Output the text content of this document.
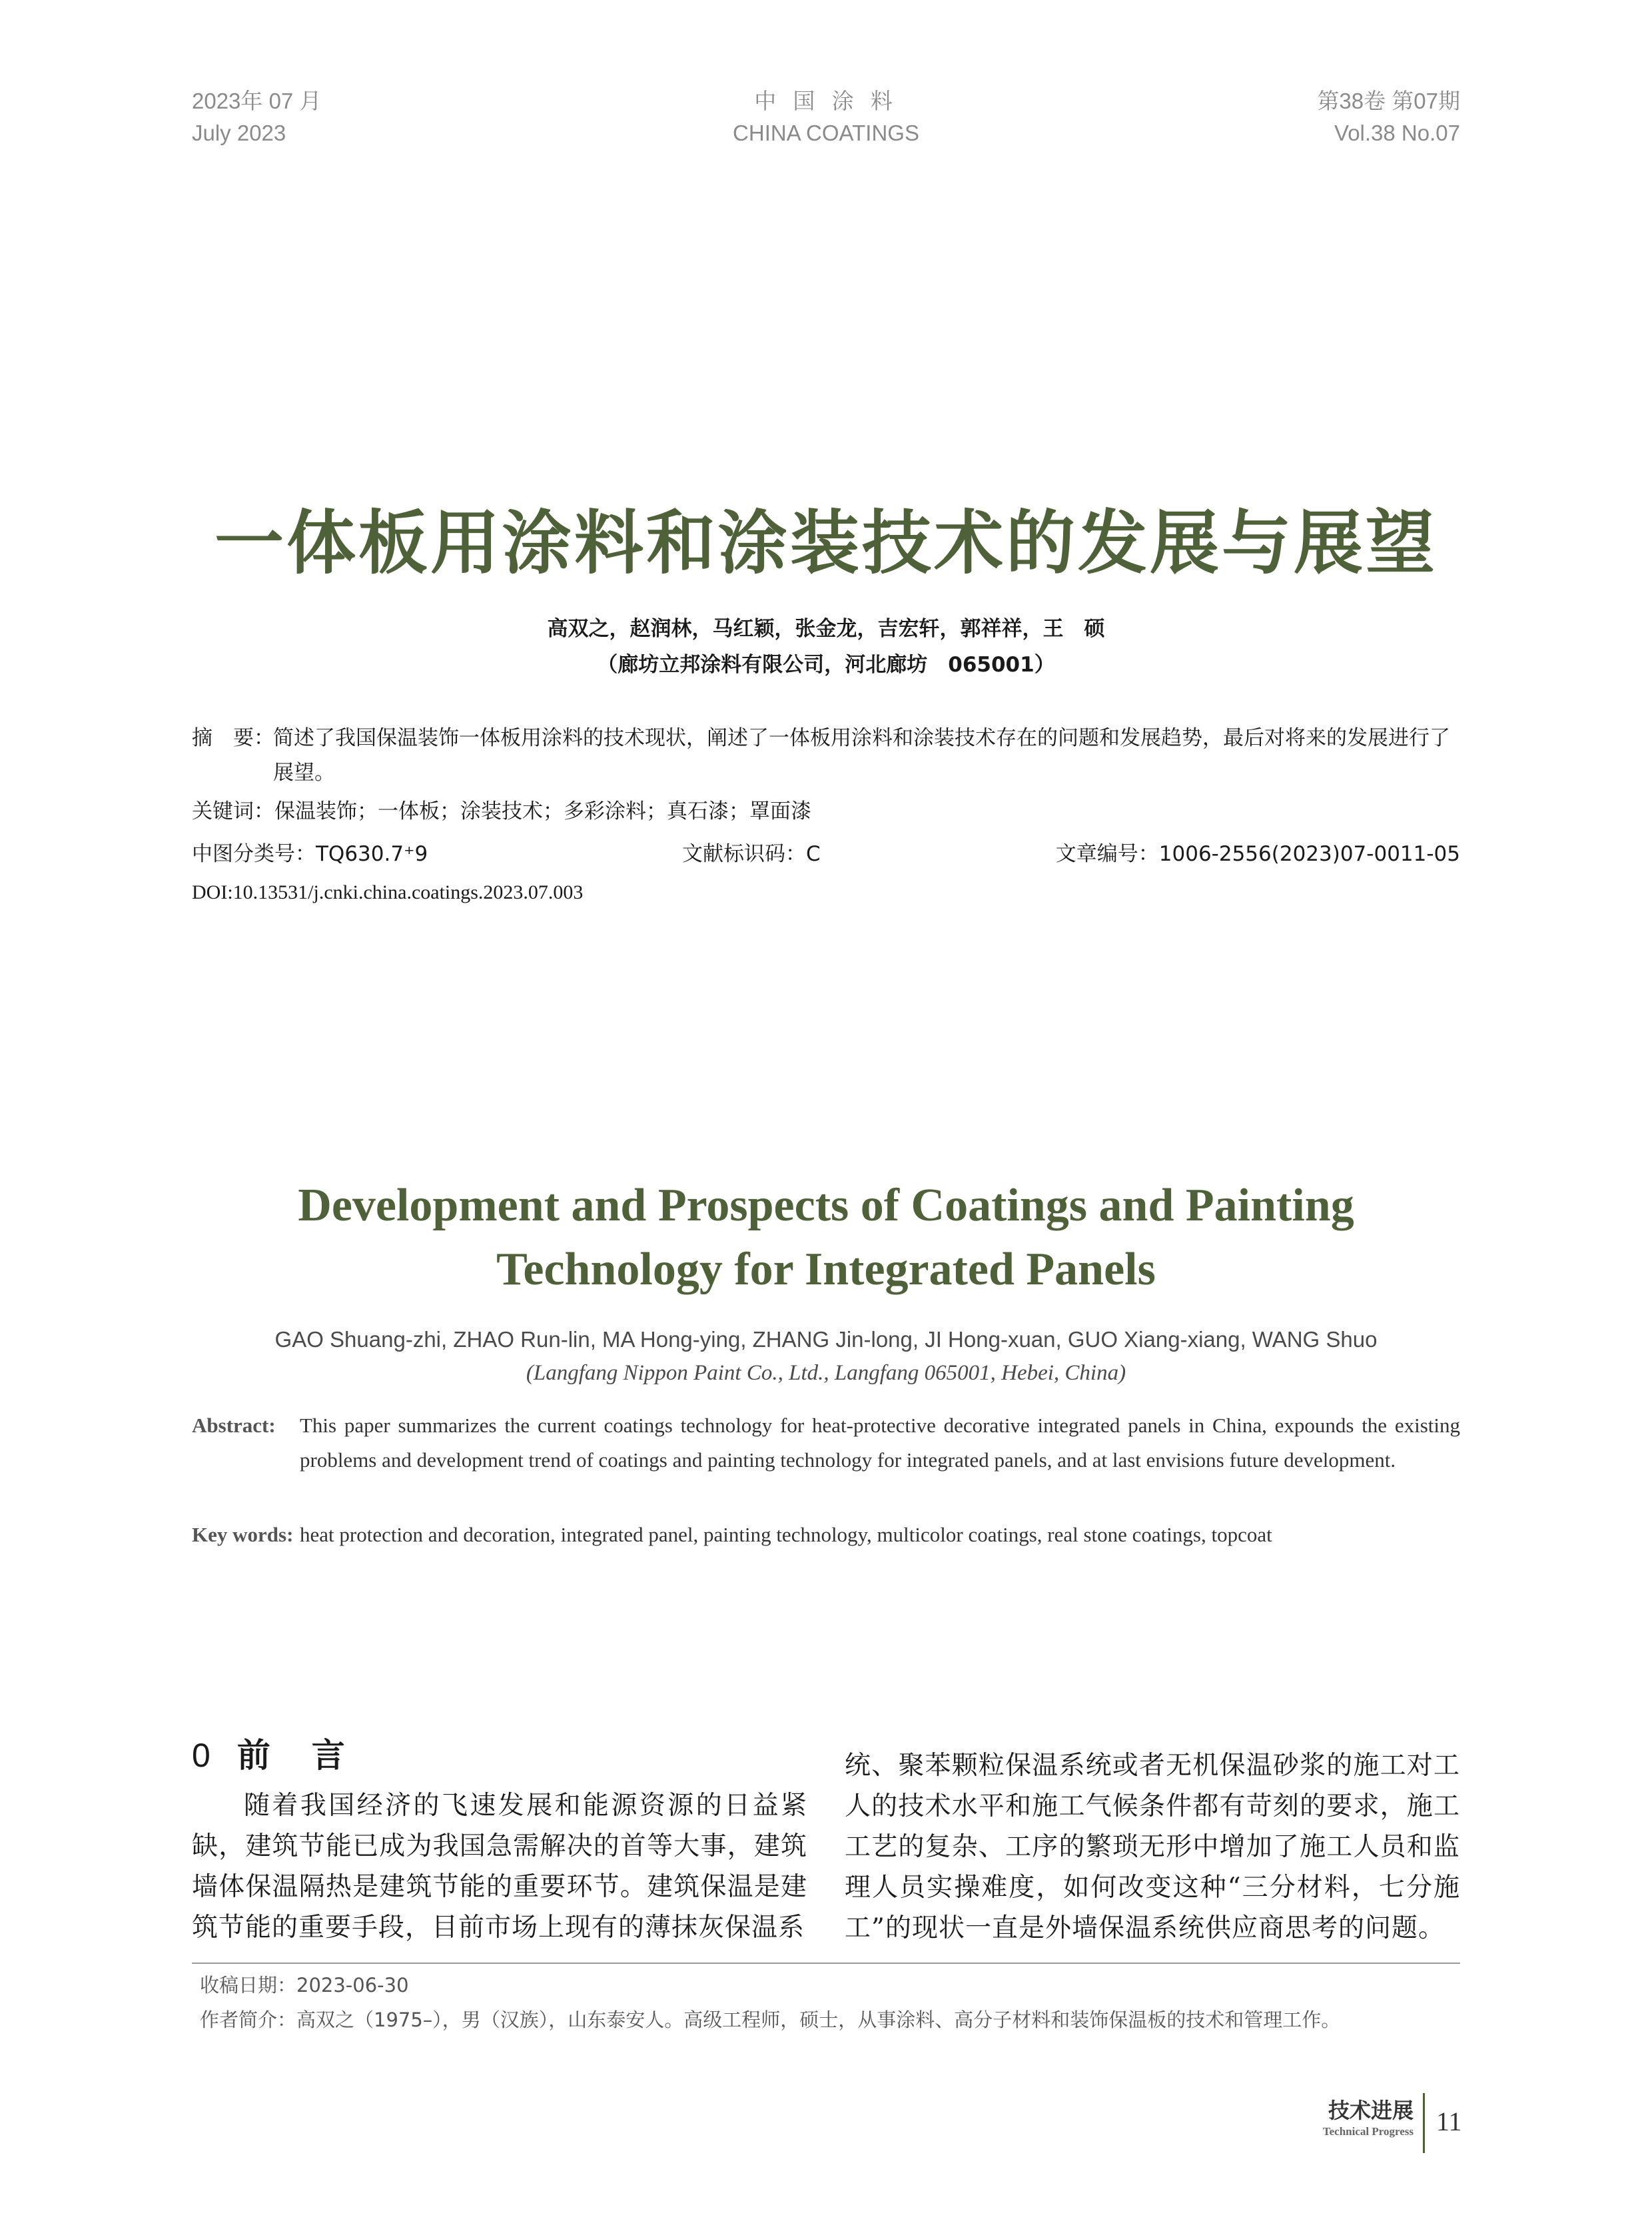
2023年 07 月
July 2023
中 国 涂 料
CHINA COATINGS
第38卷 第07期
Vol.38 No.07
一体板用涂料和涂装技术的发展与展望
高双之，赵润林，马红颖，张金龙，吉宏轩，郭祥祥，王　硕
（廊坊立邦涂料有限公司，河北廊坊　065001）
摘　要：
简述了我国保温装饰一体板用涂料的技术现状，阐述了一体板用涂料和涂装技术存在的问题和发展趋势，最后对将来的发展进行了展望。
关键词：保温装饰；一体板；涂装技术；多彩涂料；真石漆；罩面漆
中图分类号：TQ630.7⁺9	文献标识码：C	文章编号：1006-2556(2023)07-0011-05
DOI:10.13531/j.cnki.china.coatings.2023.07.003
Development and Prospects of Coatings and Painting
Technology for Integrated Panels
GAO Shuang-zhi, ZHAO Run-lin, MA Hong-ying, ZHANG Jin-long, JI Hong-xuan, GUO Xiang-xiang, WANG Shuo
(Langfang Nippon Paint Co., Ltd., Langfang 065001, Hebei, China)
Abstract: This paper summarizes the current coatings technology for heat-protective decorative integrated panels in China, expounds the existing problems and development trend of coatings and painting technology for integrated panels, and at last envisions future development.
Key words: heat protection and decoration, integrated panel, painting technology, multicolor coatings, real stone coatings, topcoat
0 前　言
随着我国经济的飞速发展和能源资源的日益紧缺，建筑节能已成为我国急需解决的首等大事，建筑墙体保温隔热是建筑节能的重要环节。建筑保温是建筑节能的重要手段，目前市场上现有的薄抹灰保温系
统、聚苯颗粒保温系统或者无机保温砂浆的施工对工人的技术水平和施工气候条件都有苛刻的要求，施工工艺的复杂、工序的繁琐无形中增加了施工人员和监理人员实操难度，如何改变这种“三分材料，七分施工”的现状一直是外墙保温系统供应商思考的问题。
收稿日期：2023-06-30
作者简介：高双之（1975–），男（汉族），山东泰安人。高级工程师，硕士，从事涂料、高分子材料和装饰保温板的技术和管理工作。
技术进展
Technical Progress 11
